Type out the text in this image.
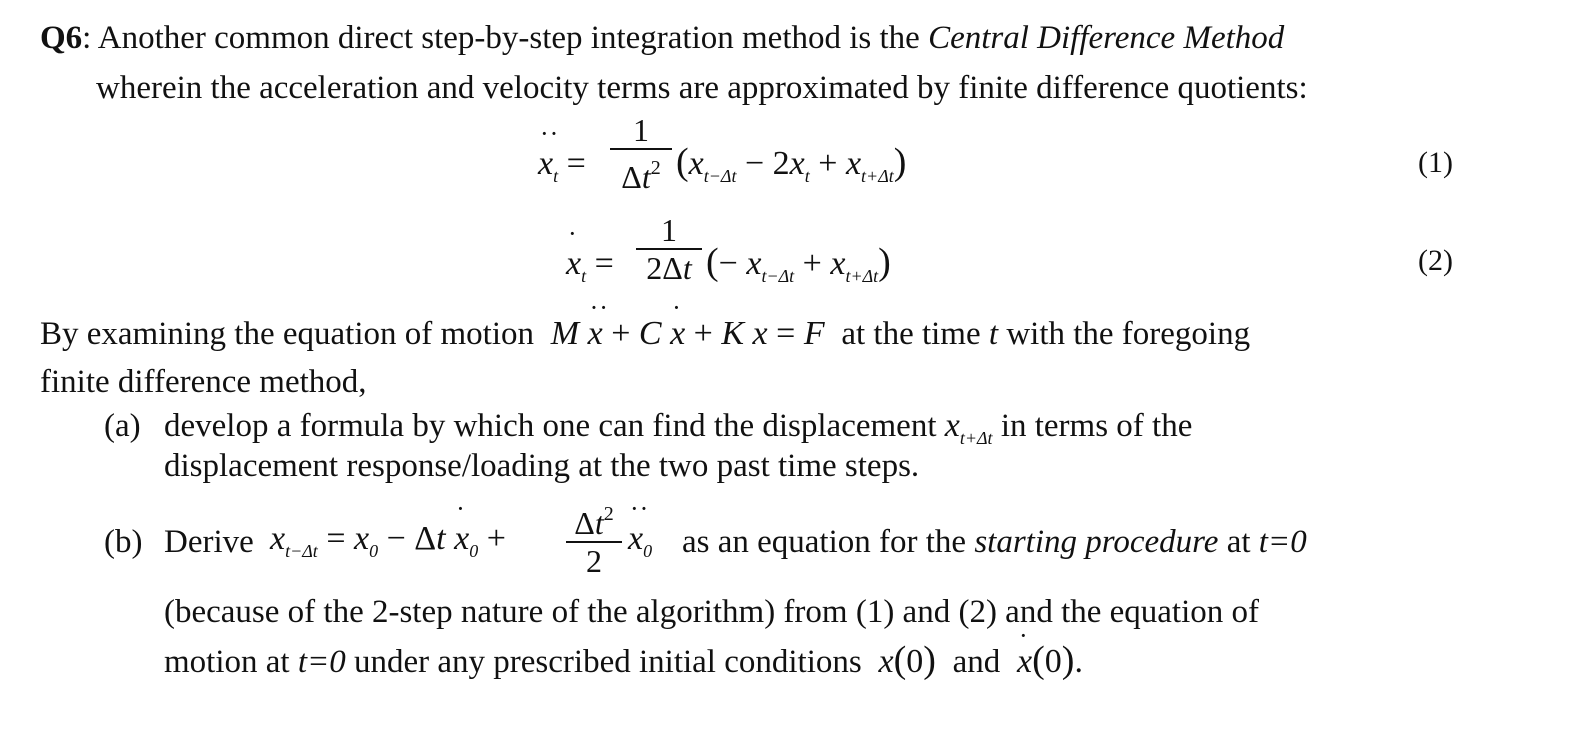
Q6: Another common direct step-by-step integration method is the Central Difference Method
wherein the acceleration and velocity terms are approximated by finite difference quotients:
·· $x_t$ =
1
$\Delta t^2$ $(x_{t-\Delta t} - 2x_t + x_{t+\Delta t})$	(1)
· $x_t$ =
1
2Δt (− $x_{t-\Delta t} + x_{t+\Delta t}$)	(2)
By examining the equation of motion  M ·· x + C · x + K x = F  at the time t with the foregoing
finite difference method,
(a) develop a formula by which one can find the displacement $x_{t+\Delta t}$ in terms of the
displacement response/loading at the two past time steps.
(b) Derive $x_{t-\Delta t} = x_0 - \Delta t \cdot x_0 + \Delta t^2$
2
·· $x_0$ as an equation for the starting procedure at t=0
(because of the 2-step nature of the algorithm) from (1) and (2) and the equation of
motion at t=0 under any prescribed initial conditions  x(0) and  · x(0).
